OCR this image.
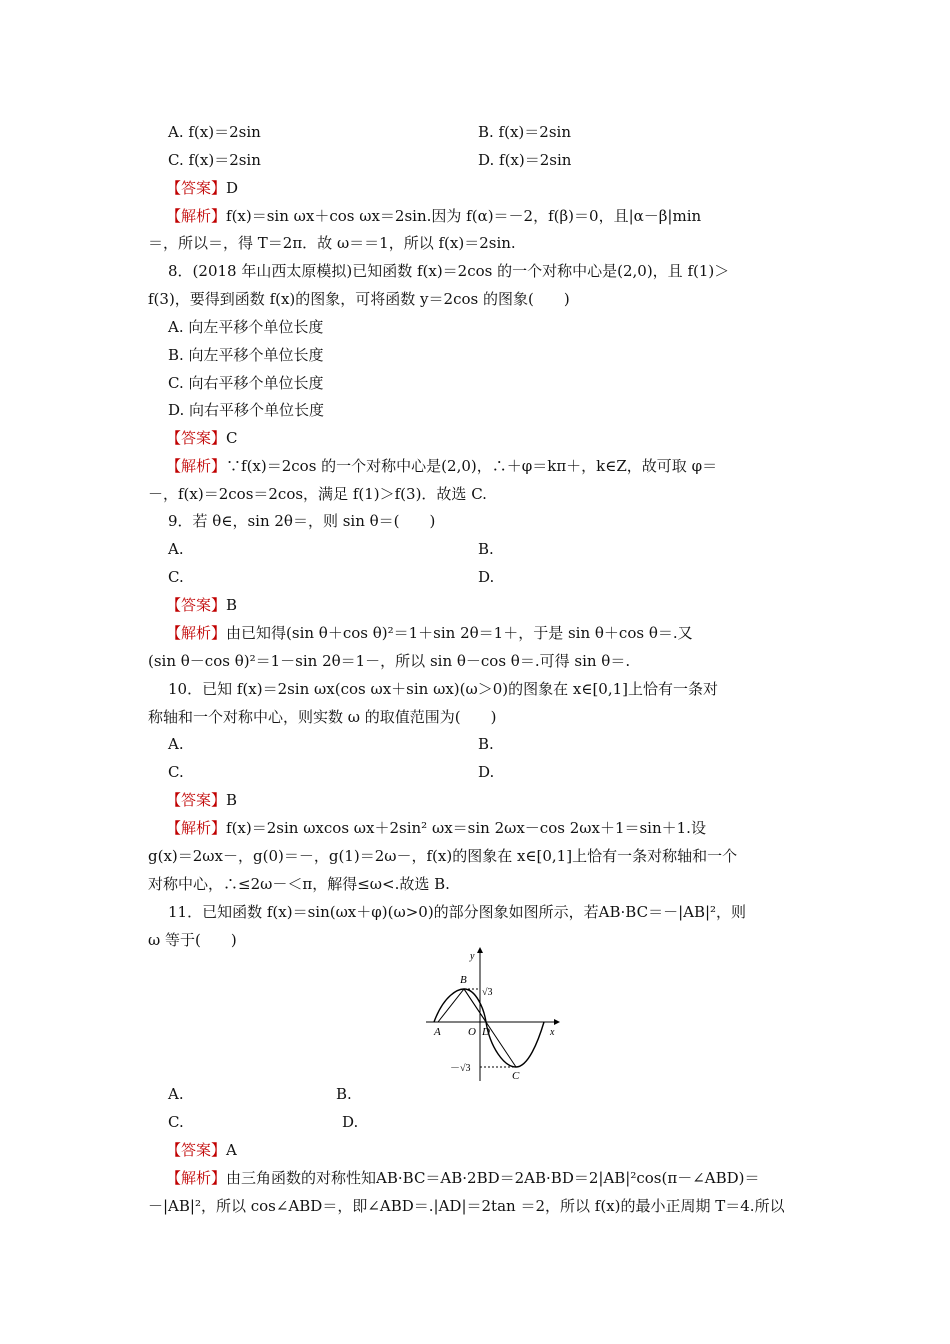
A. f(x)＝2sin
C. f(x)＝2sin
【答案】D
【解析】f(x)＝sin ωx＋cos ωx＝2sin.因为 f(α)＝－2，f(β)＝0，且|α－β|min
＝，所以＝，得 T＝2π．故 ω＝＝1，所以 f(x)＝2sin.
8．(2018 年山西太原模拟)已知函数 f(x)＝2cos 的一个对称中心是(2,0)，且 f(1)＞
f(3)，要得到函数 f(x)的图象，可将函数 y＝2cos 的图象(　　)
A. 向左平移个单位长度
B. 向左平移个单位长度
C. 向右平移个单位长度
D. 向右平移个单位长度
【答案】C
【解析】∵f(x)＝2cos 的一个对称中心是(2,0)，∴＋φ＝kπ＋，k∈Z，故可取 φ＝
－，f(x)＝2cos＝2cos，满足 f(1)＞f(3)．故选 C.
9．若 θ∈，sin 2θ＝，则 sin θ＝(　　)
A.
C.
【答案】B
【解析】由已知得(sin θ＋cos θ)²＝1＋sin 2θ＝1＋，于是 sin θ＋cos θ＝.又
(sin θ－cos θ)²＝1－sin 2θ＝1－，所以 sin θ－cos θ＝.可得 sin θ＝.
10．已知 f(x)＝2sin ωx(cos ωx＋sin ωx)(ω＞0)的图象在 x∈[0,1]上恰有一条对
称轴和一个对称中心，则实数 ω 的取值范围为(　　)
A.
C.
【答案】B
【解析】f(x)＝2sin ωxcos ωx＋2sin² ωx＝sin 2ωx－cos 2ωx＋1＝sin＋1.设
g(x)＝2ωx－，g(0)＝－，g(1)＝2ω－，f(x)的图象在 x∈[0,1]上恰有一条对称轴和一个
对称中心，∴≤2ω－＜π，解得≤ω<.故选 B.
11．已知函数 f(x)＝sin(ωx＋φ)(ω>0)的部分图象如图所示，若AB·BC＝－|AB|²，则
ω 等于(　　)
A.
C.
【答案】A
【解析】由三角函数的对称性知AB·BC＝AB·2BD＝2AB·BD＝2|AB|²cos(π－∠ABD)＝
－|AB|²，所以 cos∠ABD＝，即∠ABD＝.|AD|＝2tan ＝2，所以 f(x)的最小正周期 T＝4.所以
B. f(x)＝2sin
D. f(x)＝2sin
B.
D.
B.
D.
B.
D.
y
x
B
A O D
C
√3
－√3
